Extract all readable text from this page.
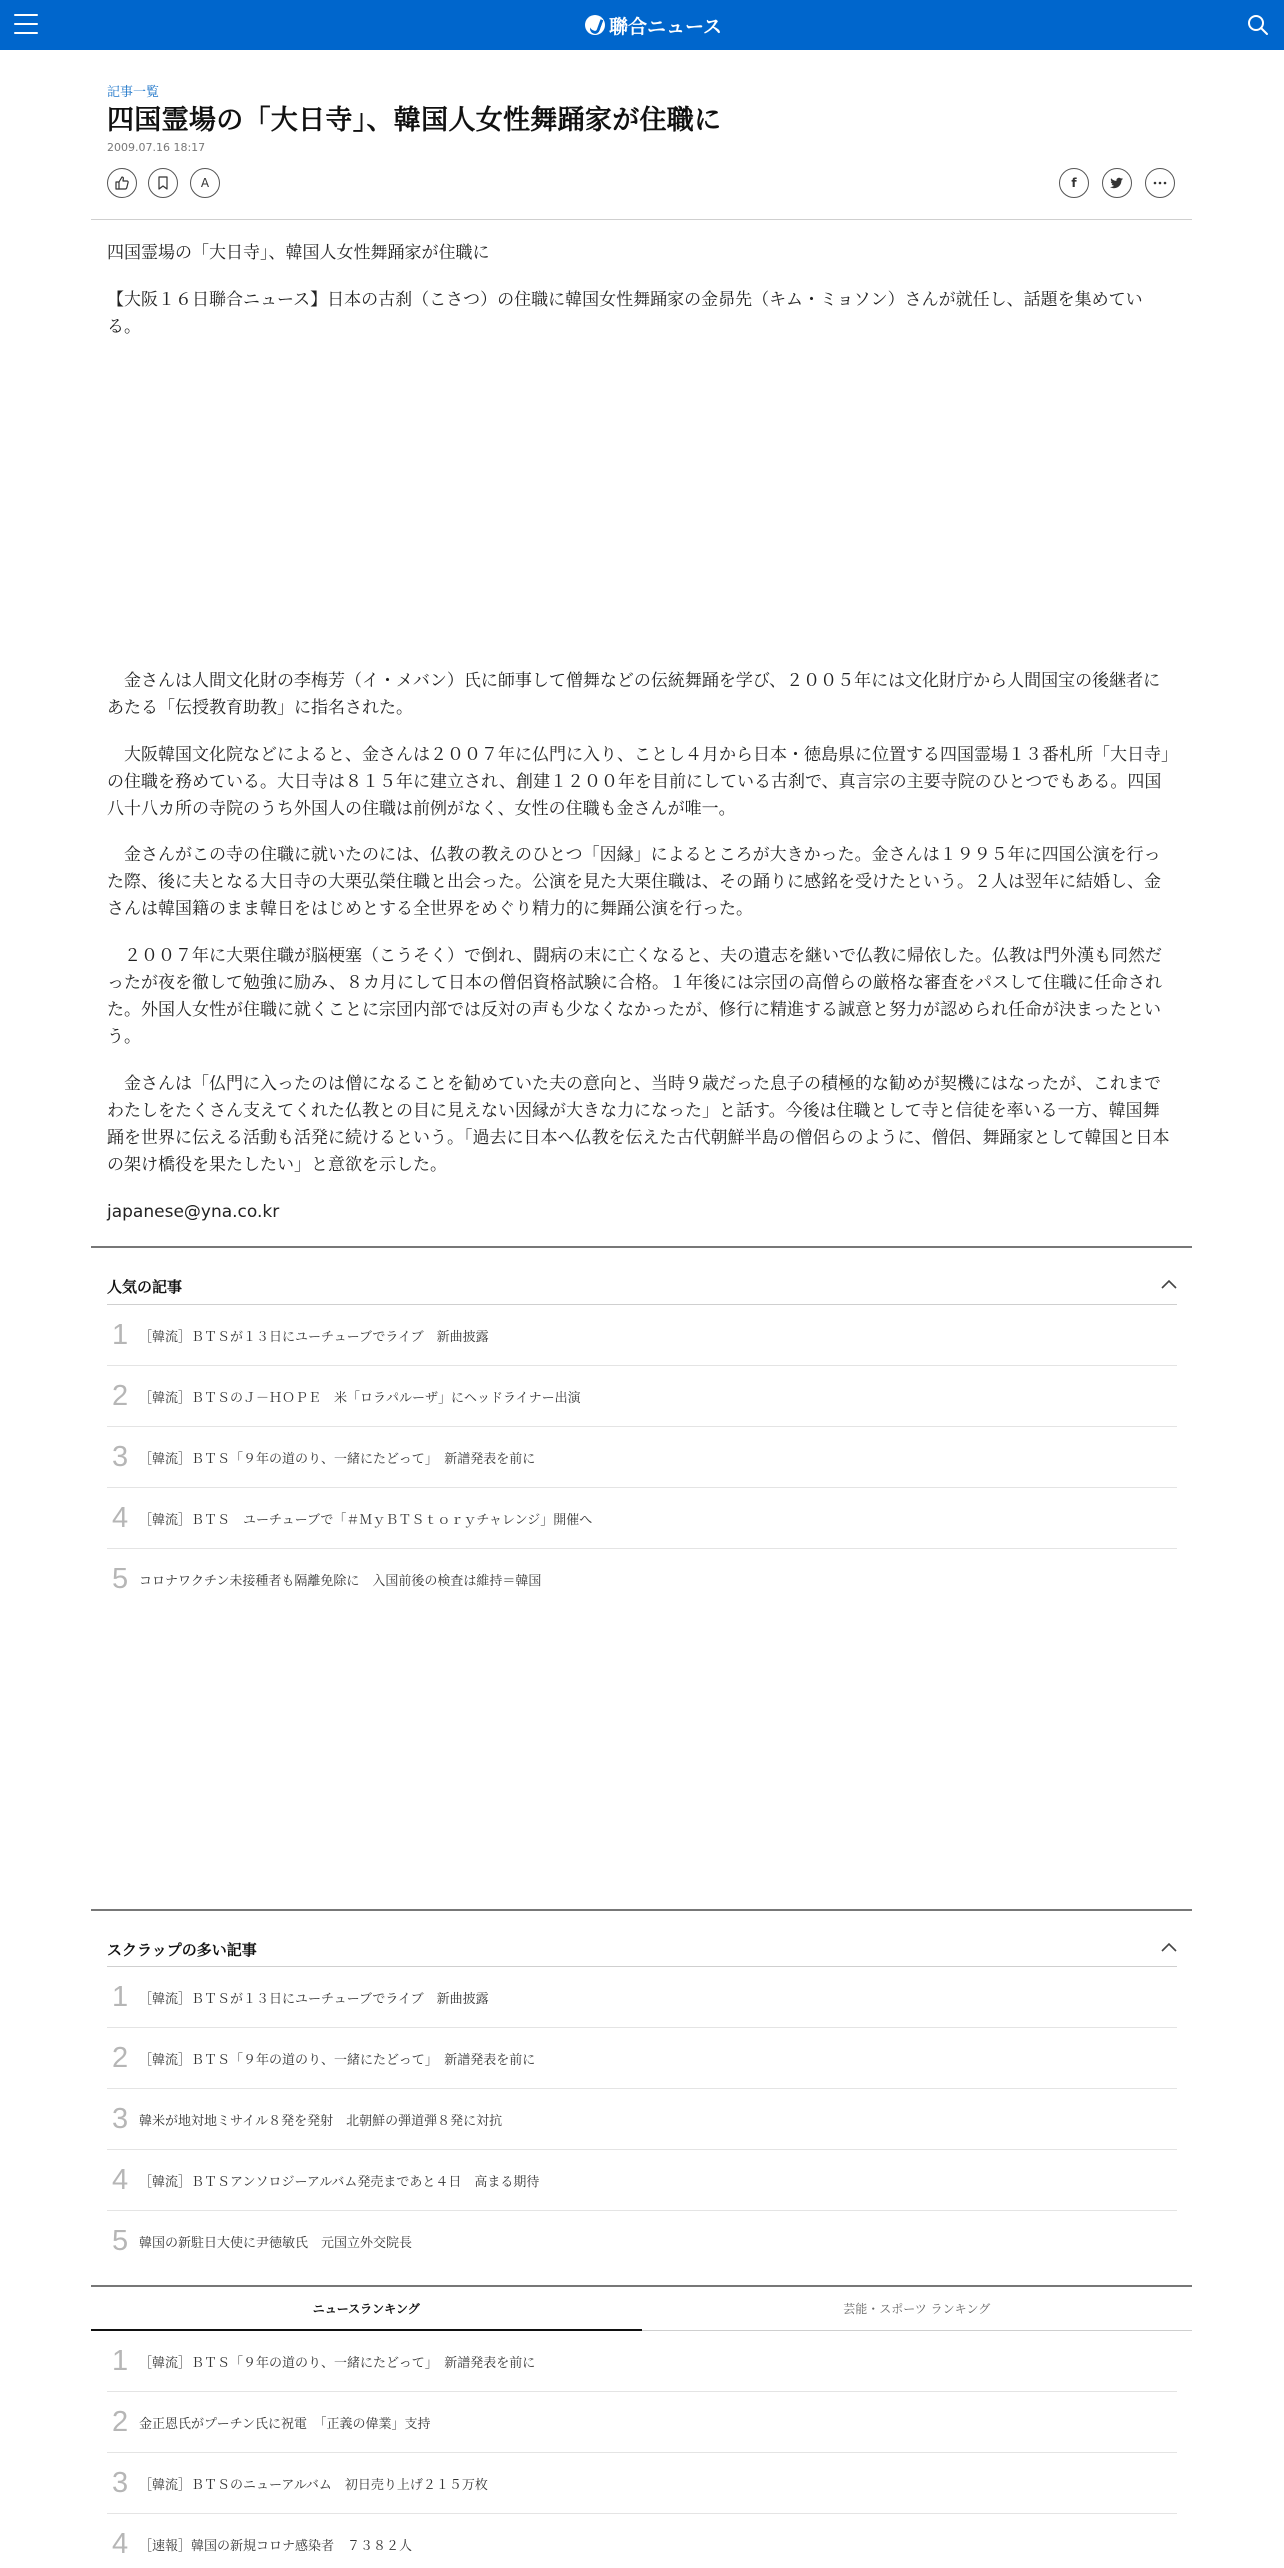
聯合ニュース
記事一覧
四国霊場の「大日寺」、韓国人女性舞踊家が住職に
2009.07.16 18:17
A	f

四国霊場の「大日寺」、韓国人女性舞踊家が住職に

【大阪１６日聯合ニュース】日本の古刹（こさつ）の住職に韓国女性舞踊家の金昴先（キム・ミョソン）さんが就任し、話題を集めている。

　金さんは人間文化財の李梅芳（イ・メバン）氏に師事して僧舞などの伝統舞踊を学び、２００５年には文化財庁から人間国宝の後継者にあたる「伝授教育助教」に指名された。

　大阪韓国文化院などによると、金さんは２００７年に仏門に入り、ことし４月から日本・徳島県に位置する四国霊場１３番札所「大日寺」の住職を務めている。大日寺は８１５年に建立され、創建１２００年を目前にしている古刹で、真言宗の主要寺院のひとつでもある。四国八十八カ所の寺院のうち外国人の住職は前例がなく、女性の住職も金さんが唯一。

　金さんがこの寺の住職に就いたのには、仏教の教えのひとつ「因縁」によるところが大きかった。金さんは１９９５年に四国公演を行った際、後に夫となる大日寺の大栗弘榮住職と出会った。公演を見た大栗住職は、その踊りに感銘を受けたという。２人は翌年に結婚し、金さんは韓国籍のまま韓日をはじめとする全世界をめぐり精力的に舞踊公演を行った。

　２００７年に大栗住職が脳梗塞（こうそく）で倒れ、闘病の末に亡くなると、夫の遺志を継いで仏教に帰依した。仏教は門外漢も同然だったが夜を徹して勉強に励み、８カ月にして日本の僧侶資格試験に合格。１年後には宗団の高僧らの厳格な審査をパスして住職に任命された。外国人女性が住職に就くことに宗団内部では反対の声も少なくなかったが、修行に精進する誠意と努力が認められ任命が決まったという。

　金さんは「仏門に入ったのは僧になることを勧めていた夫の意向と、当時９歳だった息子の積極的な勧めが契機にはなったが、これまでわたしをたくさん支えてくれた仏教との目に見えない因縁が大きな力になった」と話す。今後は住職として寺と信徒を率いる一方、韓国舞踊を世界に伝える活動も活発に続けるという。「過去に日本へ仏教を伝えた古代朝鮮半島の僧侶らのように、僧侶、舞踊家として韓国と日本の架け橋役を果たしたい」と意欲を示した。

japanese@yna.co.kr

人気の記事
1 ［韓流］ＢＴＳが１３日にユーチューブでライブ　新曲披露
2 ［韓流］ＢＴＳのＪ－ＨＯＰＥ　米「ロラパルーザ」にヘッドライナー出演
3 ［韓流］ＢＴＳ「９年の道のり、一緒にたどって」　新譜発表を前に
4 ［韓流］ＢＴＳ　ユーチューブで「＃ＭｙＢＴＳｔｏｒｙチャレンジ」開催へ
5 コロナワクチン未接種者も隔離免除に　入国前後の検査は維持＝韓国
スクラップの多い記事
1 ［韓流］ＢＴＳが１３日にユーチューブでライブ　新曲披露
2 ［韓流］ＢＴＳ「９年の道のり、一緒にたどって」　新譜発表を前に
3 韓米が地対地ミサイル８発を発射　北朝鮮の弾道弾８発に対抗
4 ［韓流］ＢＴＳアンソロジーアルバム発売まであと４日　高まる期待
5 韓国の新駐日大使に尹徳敏氏　元国立外交院長
ニュースランキング	芸能・スポーツ ランキング
1 ［韓流］ＢＴＳ「９年の道のり、一緒にたどって」　新譜発表を前に
2 金正恩氏がプーチン氏に祝電　「正義の偉業」支持
3 ［韓流］ＢＴＳのニューアルバム　初日売り上げ２１５万枚
4 ［速報］韓国の新規コロナ感染者　７３８２人
